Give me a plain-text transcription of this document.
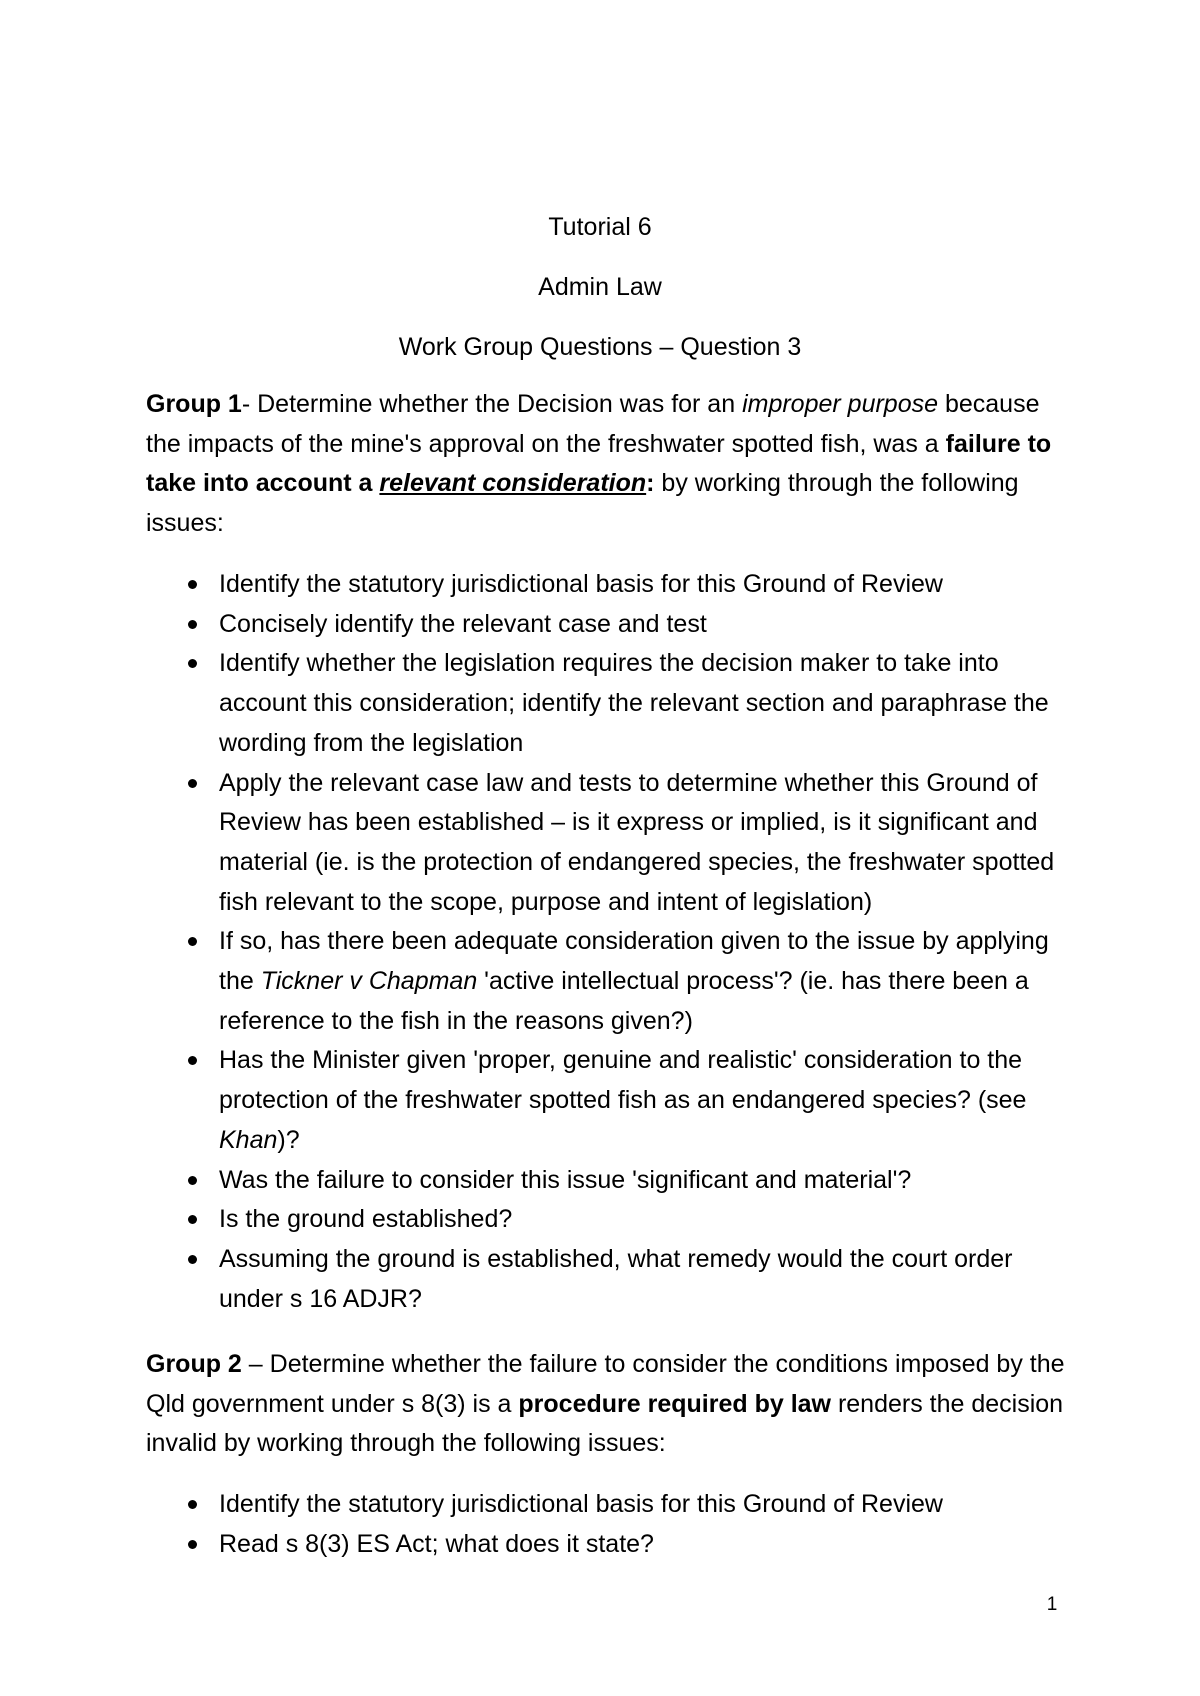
Tutorial 6
Admin Law
Work Group Questions – Question 3

Group 1- Determine whether the Decision was for an improper purpose because the impacts of the mine's approval on the freshwater spotted fish, was a failure to take into account a relevant consideration: by working through the following issues:

Identify the statutory jurisdictional basis for this Ground of Review
Concisely identify the relevant case and test
Identify whether the legislation requires the decision maker to take into account this consideration; identify the relevant section and paraphrase the wording from the legislation
Apply the relevant case law and tests to determine whether this Ground of Review has been established – is it express or implied, is it significant and material (ie. is the protection of endangered species, the freshwater spotted fish relevant to the scope, purpose and intent of legislation)
If so, has there been adequate consideration given to the issue by applying the Tickner v Chapman 'active intellectual process'? (ie. has there been a reference to the fish in the reasons given?)
Has the Minister given 'proper, genuine and realistic' consideration to the protection of the freshwater spotted fish as an endangered species? (see Khan)?
Was the failure to consider this issue 'significant and material'?
Is the ground established?
Assuming the ground is established, what remedy would the court order under s 16 ADJR?

Group 2 – Determine whether the failure to consider the conditions imposed by the Qld government under s 8(3) is a procedure required by law renders the decision invalid by working through the following issues:

Identify the statutory jurisdictional basis for this Ground of Review
Read s 8(3) ES Act; what does it state?
1
